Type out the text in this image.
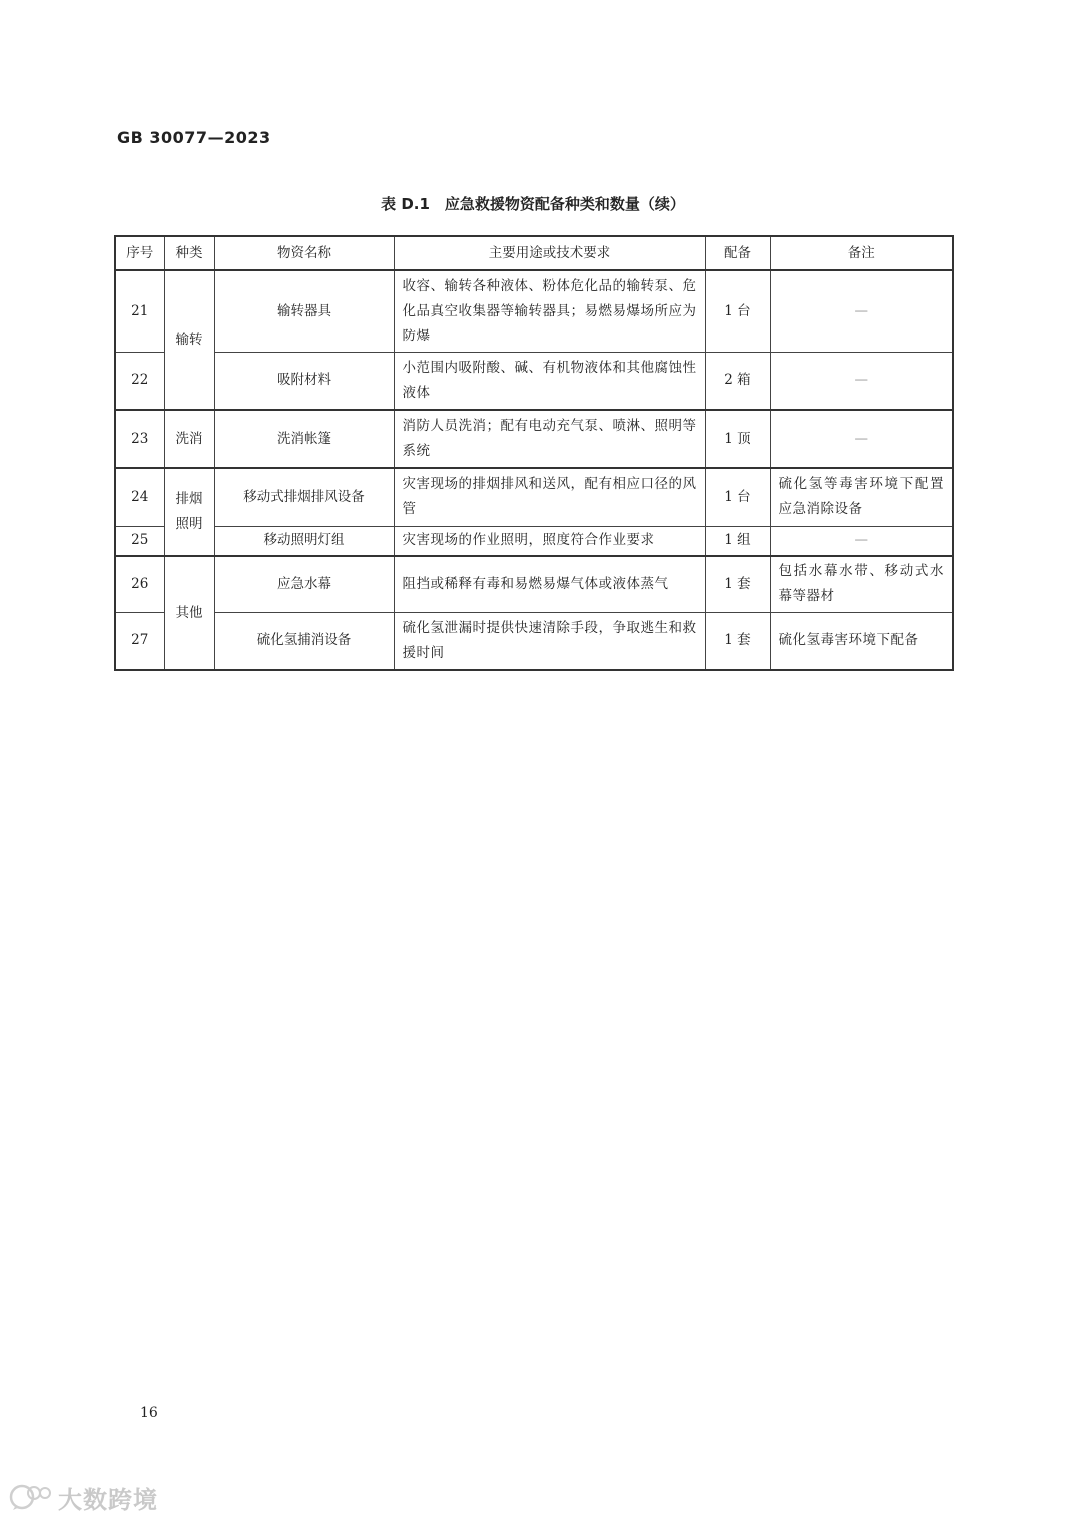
GB 30077—2023
表 D.1　应急救援物资配备种类和数量（续）
序号	种类	物资名称	主要用途或技术要求	配备	备注
21	输转	输转器具	收容、输转各种液体、粉体危化品的输转泵、危化品真空收集器等输转器具；易燃易爆场所应为防爆	1 台	—
22		吸附材料	小范围内吸附酸、碱、有机物液体和其他腐蚀性液体	2 箱	—
23	洗消	洗消帐篷	消防人员洗消；配有电动充气泵、喷淋、照明等系统	1 顶	—
24	排烟照明	移动式排烟排风设备	灾害现场的排烟排风和送风，配有相应口径的风管	1 台	硫化氢等毒害环境下配置应急消除设备
25		移动照明灯组	灾害现场的作业照明，照度符合作业要求	1 组	—
26	其他	应急水幕	阻挡或稀释有毒和易燃易爆气体或液体蒸气	1 套	包括水幕水带、移动式水幕等器材
27		硫化氢捕消设备	硫化氢泄漏时提供快速清除手段，争取逃生和救援时间	1 套	硫化氢毒害环境下配备
16
大数跨境
